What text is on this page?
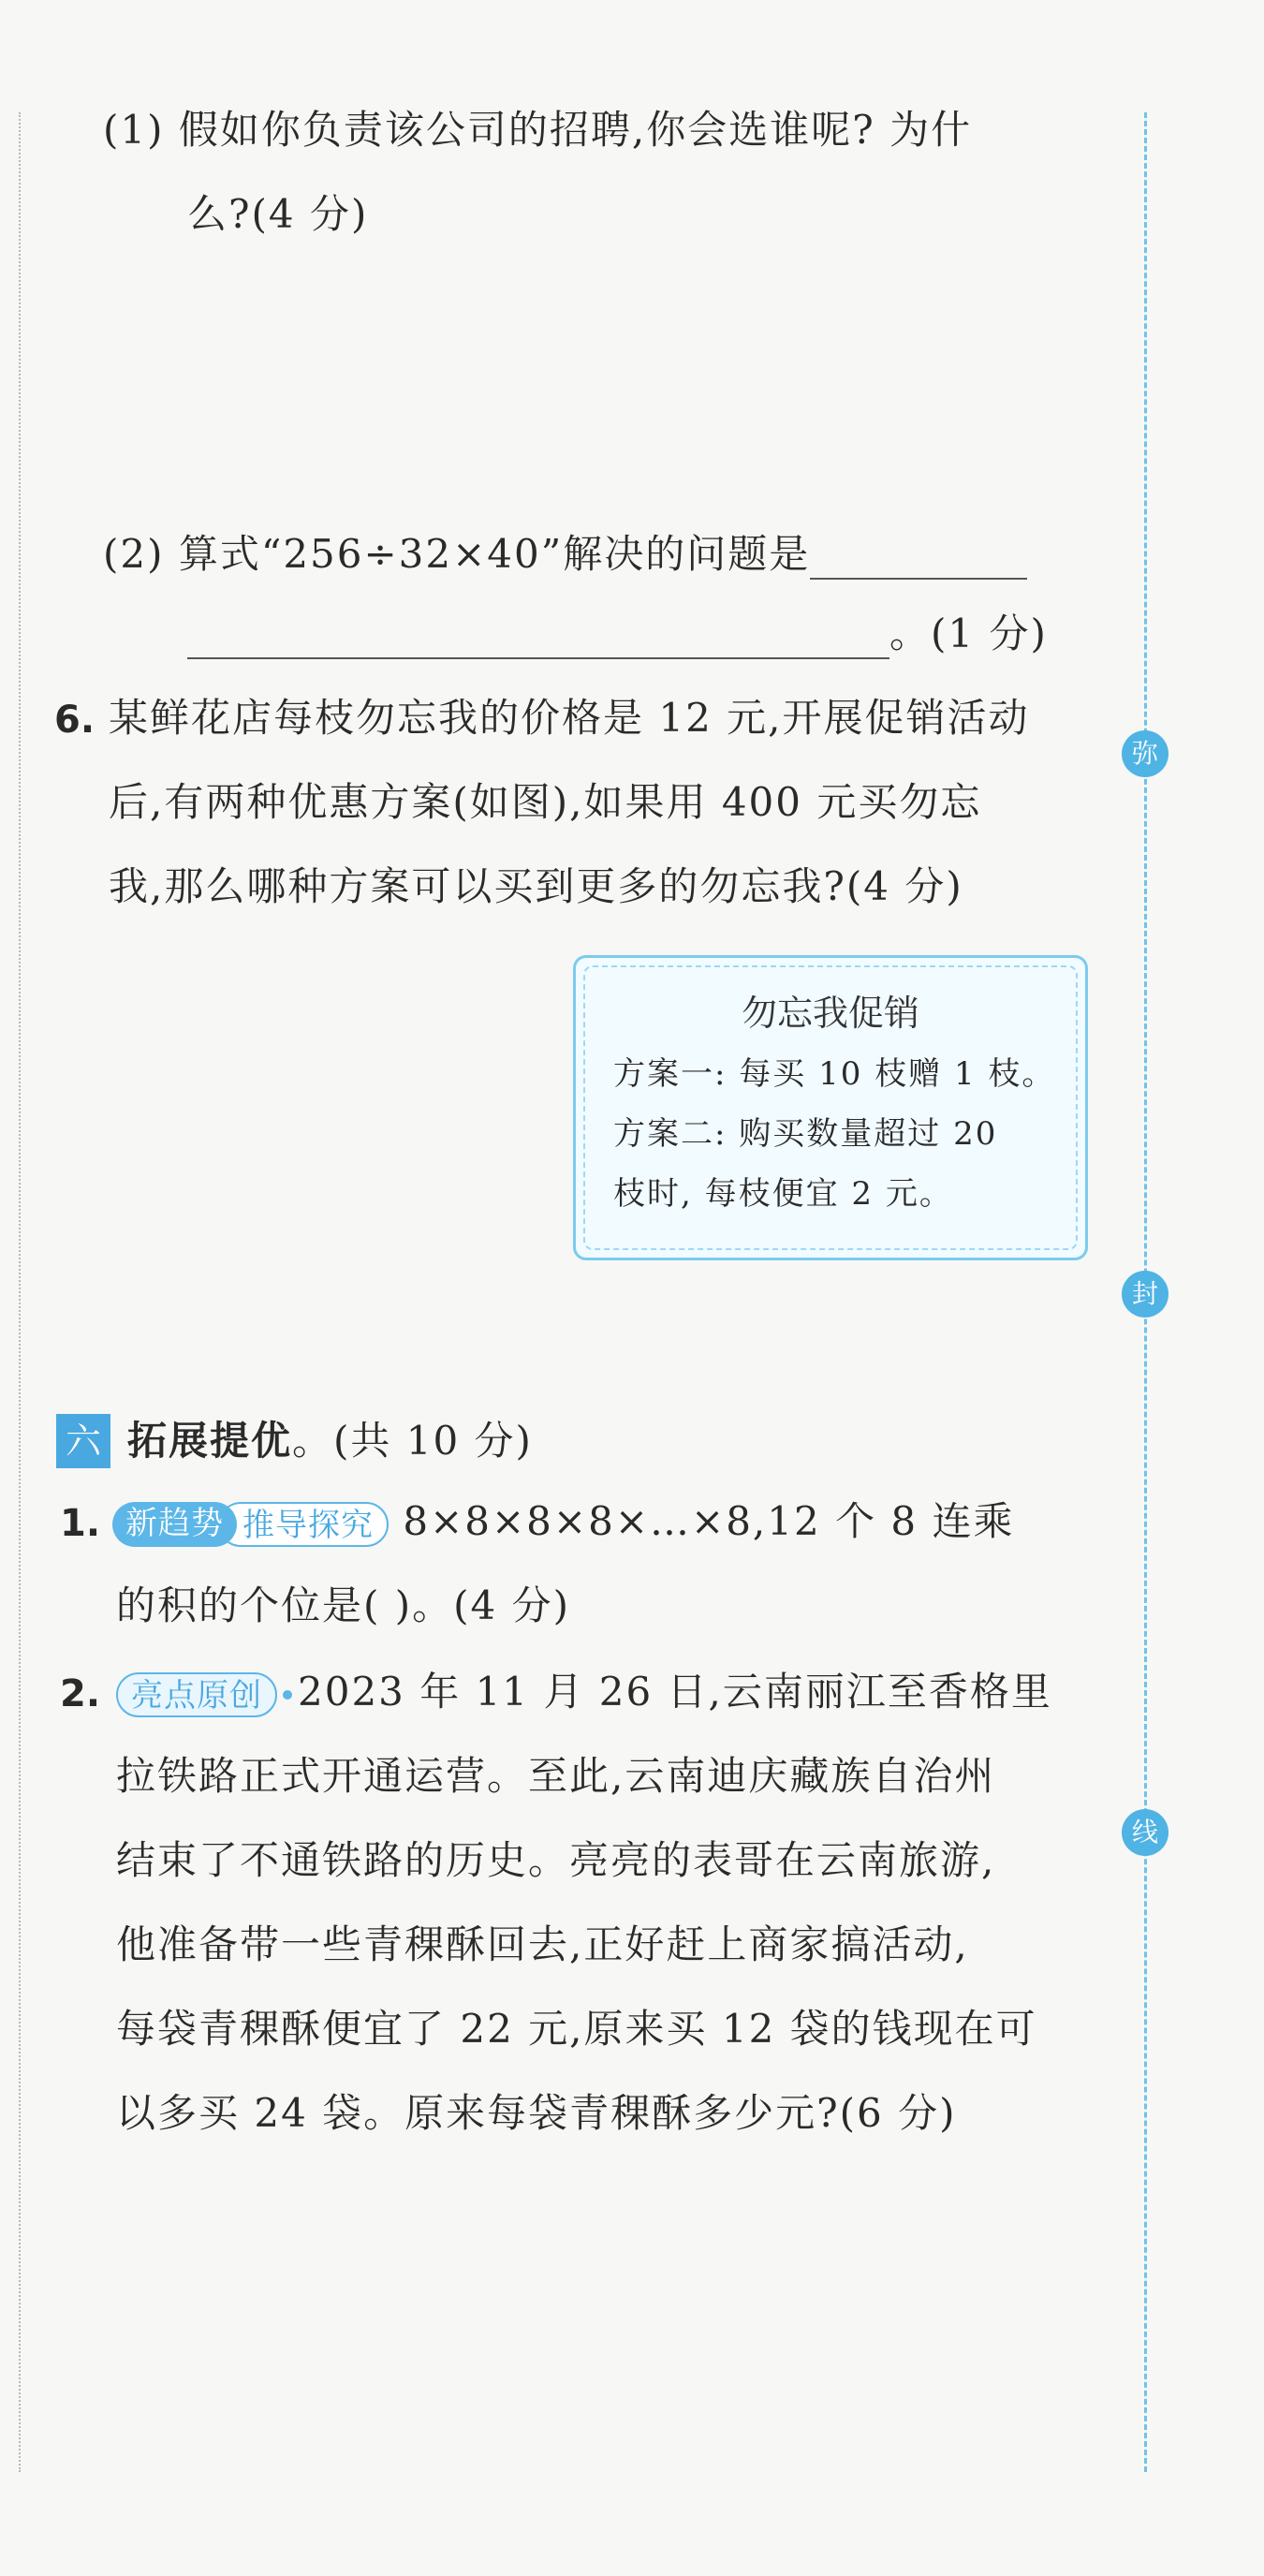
弥
封
线
(1) 假如你负责该公司的招聘,你会选谁呢? 为什
么?(4 分)
(2) 算式“256÷32×40”解决的问题是
。(1 分)
6. 某鲜花店每枝勿忘我的价格是 12 元,开展促销活动
后,有两种优惠方案(如图),如果用 400 元买勿忘
我,那么哪种方案可以买到更多的勿忘我?(4 分)
勿忘我促销
方案一: 每买 10 枝赠 1 枝。
方案二: 购买数量超过 20
枝时, 每枝便宜 2 元。
六 拓展提优。(共 10 分)
1. 新趋势 推导探究 8×8×8×8×…×8,12 个 8 连乘
的积的个位是( )。(4 分)
2. 亮点原创 2023 年 11 月 26 日,云南丽江至香格里
拉铁路正式开通运营。至此,云南迪庆藏族自治州
结束了不通铁路的历史。亮亮的表哥在云南旅游,
他准备带一些青稞酥回去,正好赶上商家搞活动,
每袋青稞酥便宜了 22 元,原来买 12 袋的钱现在可
以多买 24 袋。原来每袋青稞酥多少元?(6 分)
